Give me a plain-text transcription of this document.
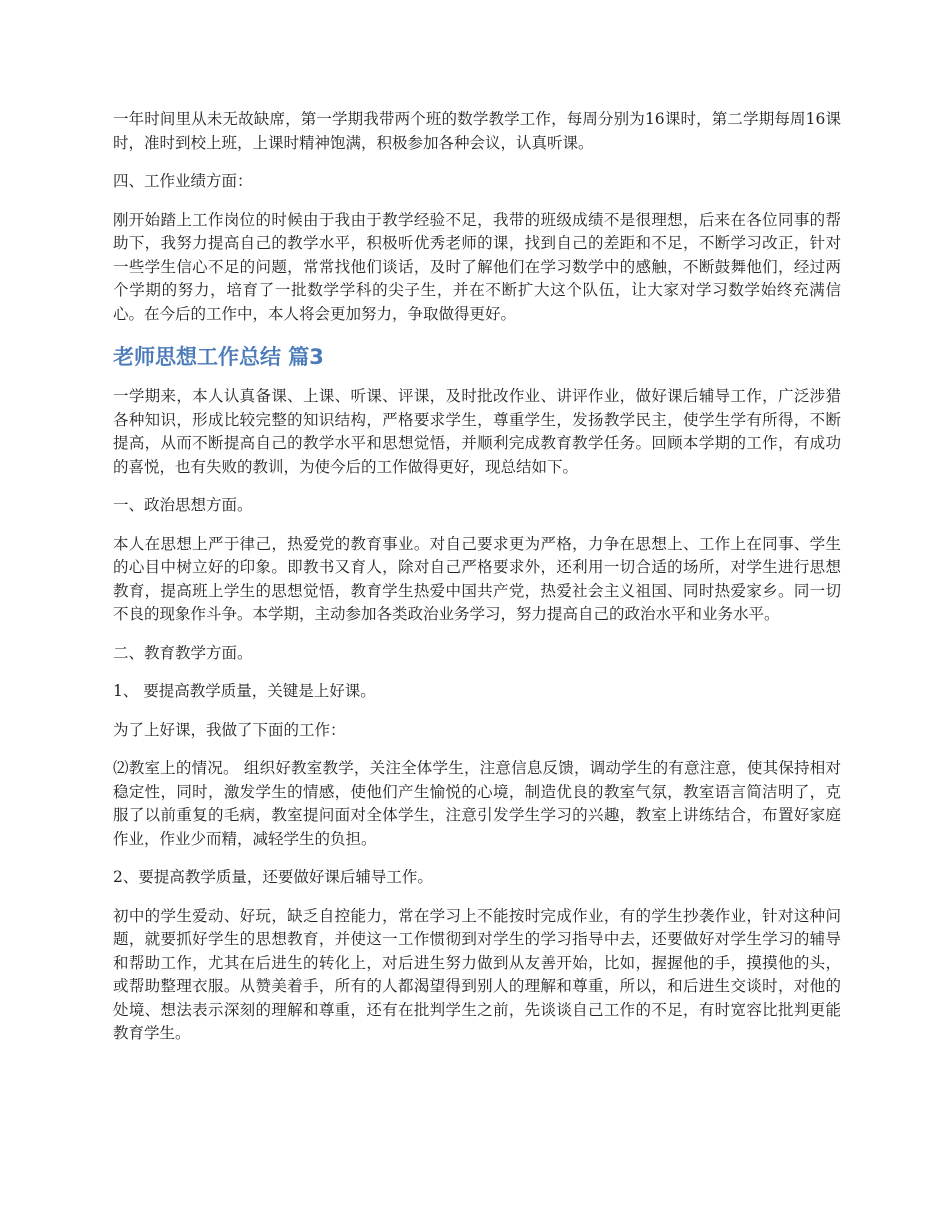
一年时间里从未无故缺席，第一学期我带两个班的数学教学工作，每周分别为16课时，第二学期每周16课时，准时到校上班，上课时精神饱满，积极参加各种会议，认真听课。

四、工作业绩方面：

刚开始踏上工作岗位的时候由于我由于教学经验不足，我带的班级成绩不是很理想，后来在各位同事的帮助下，我努力提高自己的教学水平，积极听优秀老师的课，找到自己的差距和不足，不断学习改正，针对一些学生信心不足的问题，常常找他们谈话，及时了解他们在学习数学中的感触，不断鼓舞他们，经过两个学期的努力，培育了一批数学学科的尖子生，并在不断扩大这个队伍，让大家对学习数学始终充满信心。在今后的工作中，本人将会更加努力，争取做得更好。

老师思想工作总结 篇3

一学期来，本人认真备课、上课、听课、评课，及时批改作业、讲评作业，做好课后辅导工作，广泛涉猎各种知识，形成比较完整的知识结构，严格要求学生，尊重学生，发扬教学民主，使学生学有所得，不断提高，从而不断提高自己的教学水平和思想觉悟，并顺利完成教育教学任务。回顾本学期的工作，有成功的喜悦，也有失败的教训，为使今后的工作做得更好，现总结如下。

一、政治思想方面。

本人在思想上严于律己，热爱党的教育事业。对自己要求更为严格，力争在思想上、工作上在同事、学生的心目中树立好的印象。即教书又育人，除对自己严格要求外，还利用一切合适的场所，对学生进行思想教育，提高班上学生的思想觉悟，教育学生热爱中国共产党，热爱社会主义祖国、同时热爱家乡。同一切不良的现象作斗争。本学期，主动参加各类政治业务学习，努力提高自己的政治水平和业务水平。

二、教育教学方面。

1、 要提高教学质量，关键是上好课。

为了上好课，我做了下面的工作：

⑵教室上的情况。 组织好教室教学，关注全体学生，注意信息反馈，调动学生的有意注意，使其保持相对稳定性，同时，激发学生的情感，使他们产生愉悦的心境，制造优良的教室气氛，教室语言简洁明了，克服了以前重复的毛病，教室提问面对全体学生，注意引发学生学习的兴趣，教室上讲练结合，布置好家庭作业，作业少而精，减轻学生的负担。

2、要提高教学质量，还要做好课后辅导工作。

初中的学生爱动、好玩，缺乏自控能力，常在学习上不能按时完成作业，有的学生抄袭作业，针对这种问题，就要抓好学生的思想教育，并使这一工作惯彻到对学生的学习指导中去，还要做好对学生学习的辅导和帮助工作，尤其在后进生的转化上，对后进生努力做到从友善开始，比如，握握他的手，摸摸他的头，或帮助整理衣服。从赞美着手，所有的人都渴望得到别人的理解和尊重，所以，和后进生交谈时，对他的处境、想法表示深刻的理解和尊重，还有在批判学生之前，先谈谈自己工作的不足，有时宽容比批判更能教育学生。
